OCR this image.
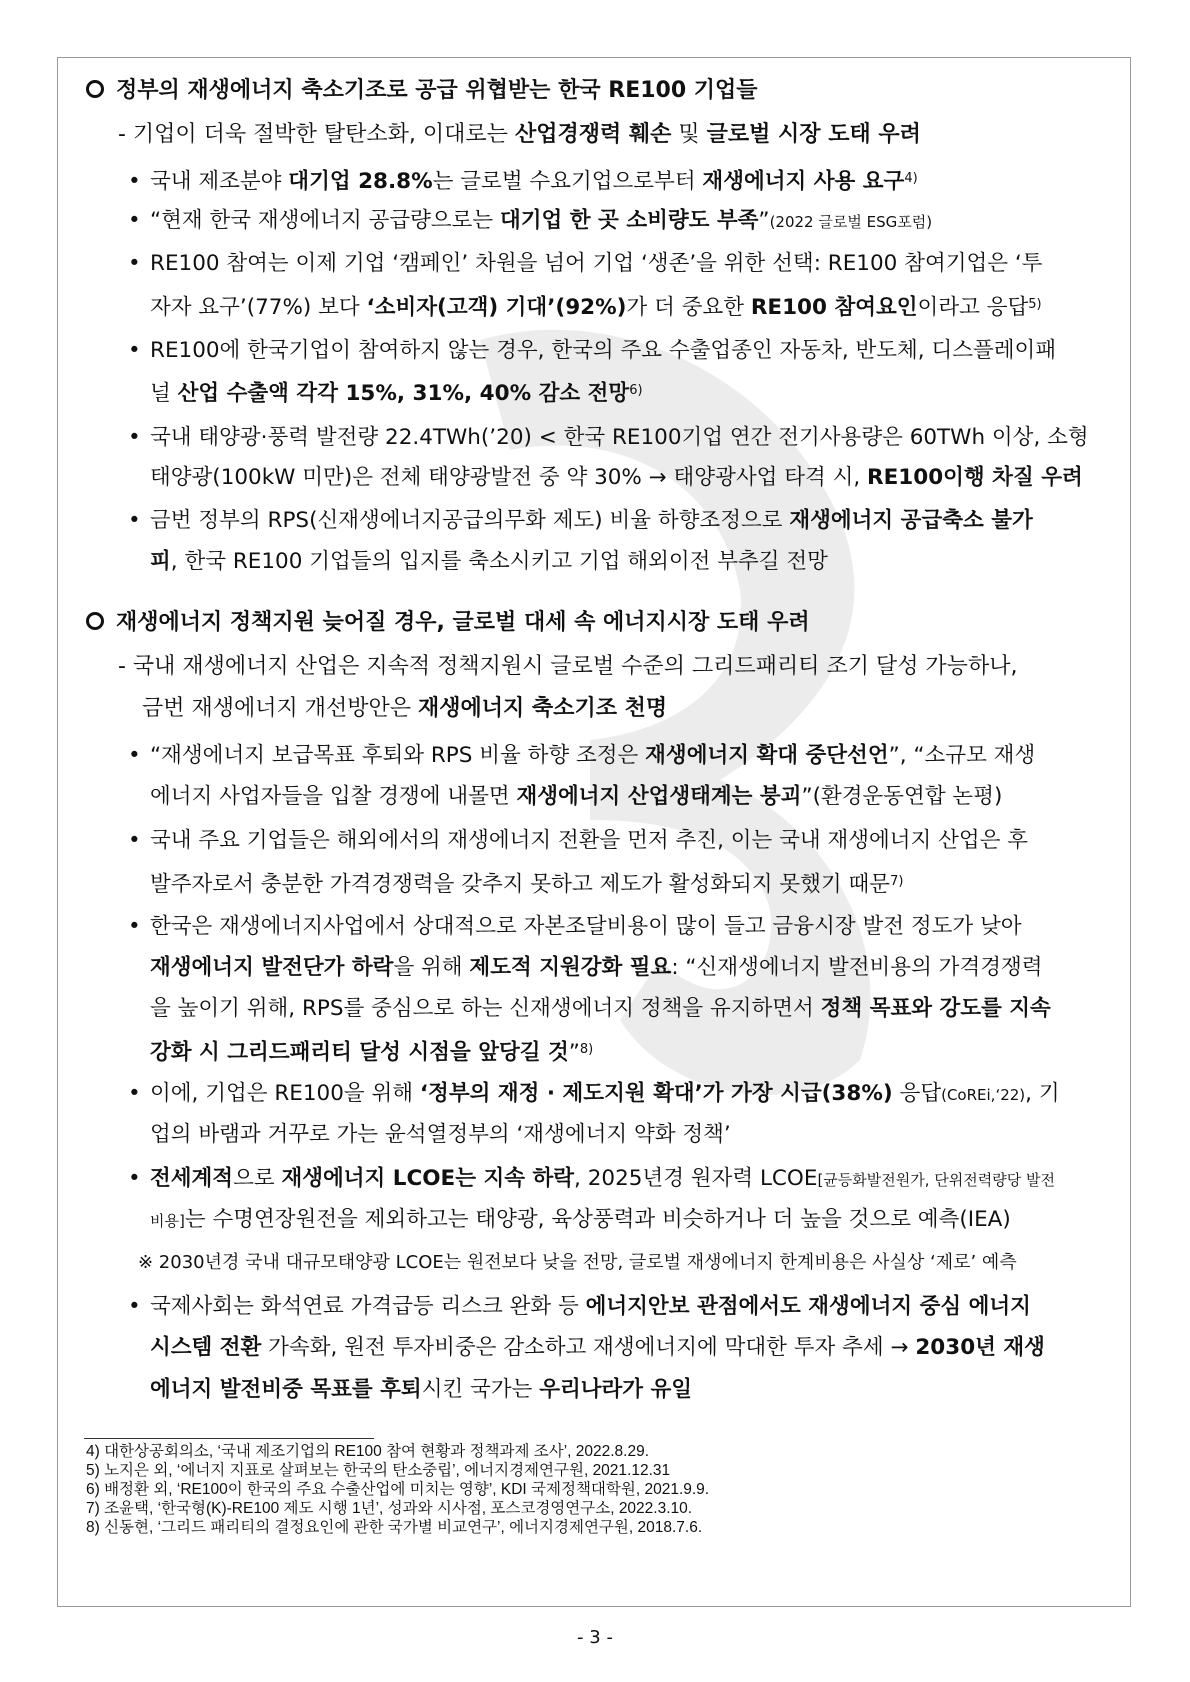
정부의 재생에너지 축소기조로 공급 위협받는 한국 RE100 기업들
- 기업이 더욱 절박한 탈탄소화, 이대로는 산업경쟁력 훼손 및 글로벌 시장 도태 우려
• 국내 제조분야 대기업 28.8%는 글로벌 수요기업으로부터 재생에너지 사용 요구$^{4)}$
• “현재 한국 재생에너지 공급량으로는 대기업 한 곳 소비량도 부족”(2022 글로벌 ESG포럼)
• RE100 참여는 이제 기업 ‘캠페인’ 차원을 넘어 기업 ‘생존’을 위한 선택: RE100 참여기업은 ‘투
자자 요구’(77%) 보다 ‘소비자(고객) 기대’(92%)가 더 중요한 RE100 참여요인이라고 응답$^{5)}$
• RE100에 한국기업이 참여하지 않는 경우, 한국의 주요 수출업종인 자동차, 반도체, 디스플레이패
널 산업 수출액 각각 15%, 31%, 40% 감소 전망$^{6)}$
• 국내 태양광·풍력 발전량 22.4TWh(’20) < 한국 RE100기업 연간 전기사용량은 60TWh 이상, 소형
태양광(100kW 미만)은 전체 태양광발전 중 약 30% → 태양광사업 타격 시, RE100이행 차질 우려
• 금번 정부의 RPS(신재생에너지공급의무화 제도) 비율 하향조정으로 재생에너지 공급축소 불가
피, 한국 RE100 기업들의 입지를 축소시키고 기업 해외이전 부추길 전망
재생에너지 정책지원 늦어질 경우, 글로벌 대세 속 에너지시장 도태 우려
- 국내 재생에너지 산업은 지속적 정책지원시 글로벌 수준의 그리드패리티 조기 달성 가능하나,
금번 재생에너지 개선방안은 재생에너지 축소기조 천명
• “재생에너지 보급목표 후퇴와 RPS 비율 하향 조정은 재생에너지 확대 중단선언”, “소규모 재생
에너지 사업자들을 입찰 경쟁에 내몰면 재생에너지 산업생태계는 붕괴”(환경운동연합 논평)
• 국내 주요 기업들은 해외에서의 재생에너지 전환을 먼저 추진, 이는 국내 재생에너지 산업은 후
발주자로서 충분한 가격경쟁력을 갖추지 못하고 제도가 활성화되지 못했기 때문$^{7)}$
• 한국은 재생에너지사업에서 상대적으로 자본조달비용이 많이 들고 금융시장 발전 정도가 낮아
재생에너지 발전단가 하락을 위해 제도적 지원강화 필요: “신재생에너지 발전비용의 가격경쟁력
을 높이기 위해, RPS를 중심으로 하는 신재생에너지 정책을 유지하면서 정책 목표와 강도를 지속
강화 시 그리드패리티 달성 시점을 앞당길 것”$^{8)}$
• 이에, 기업은 RE100을 위해 ‘정부의 재정 · 제도지원 확대’가 가장 시급(38%) 응답(CoREi,‘22), 기
업의 바램과 거꾸로 가는 윤석열정부의 ‘재생에너지 약화 정책’
• 전세계적으로 재생에너지 LCOE는 지속 하락, 2025년경 원자력 LCOE[균등화발전원가, 단위전력량당 발전
비용]는 수명연장원전을 제외하고는 태양광, 육상풍력과 비슷하거나 더 높을 것으로 예측(IEA)
※ 2030년경 국내 대규모태양광 LCOE는 원전보다 낮을 전망, 글로벌 재생에너지 한계비용은 사실상 ‘제로’ 예측
• 국제사회는 화석연료 가격급등 리스크 완화 등 에너지안보 관점에서도 재생에너지 중심 에너지
시스템 전환 가속화, 원전 투자비중은 감소하고 재생에너지에 막대한 투자 추세 → 2030년 재생
에너지 발전비중 목표를 후퇴시킨 국가는 우리나라가 유일
4) 대한상공회의소, ‘국내 제조기업의 RE100 참여 현황과 정책과제 조사’, 2022.8.29.
5) 노지은 외, ‘에너지 지표로 살펴보는 한국의 탄소중립’, 에너지경제연구원, 2021.12.31
6) 배정환 외, ‘RE100이 한국의 주요 수출산업에 미치는 영향’, KDI 국제정책대학원, 2021.9.9.
7) 조윤택, ‘한국형(K)-RE100 제도 시행 1년’, 성과와 시사점, 포스코경영연구소, 2022.3.10.
8) 신동현, ‘그리드 패리티의 결정요인에 관한 국가별 비교연구’, 에너지경제연구원, 2018.7.6.
- 3 -
